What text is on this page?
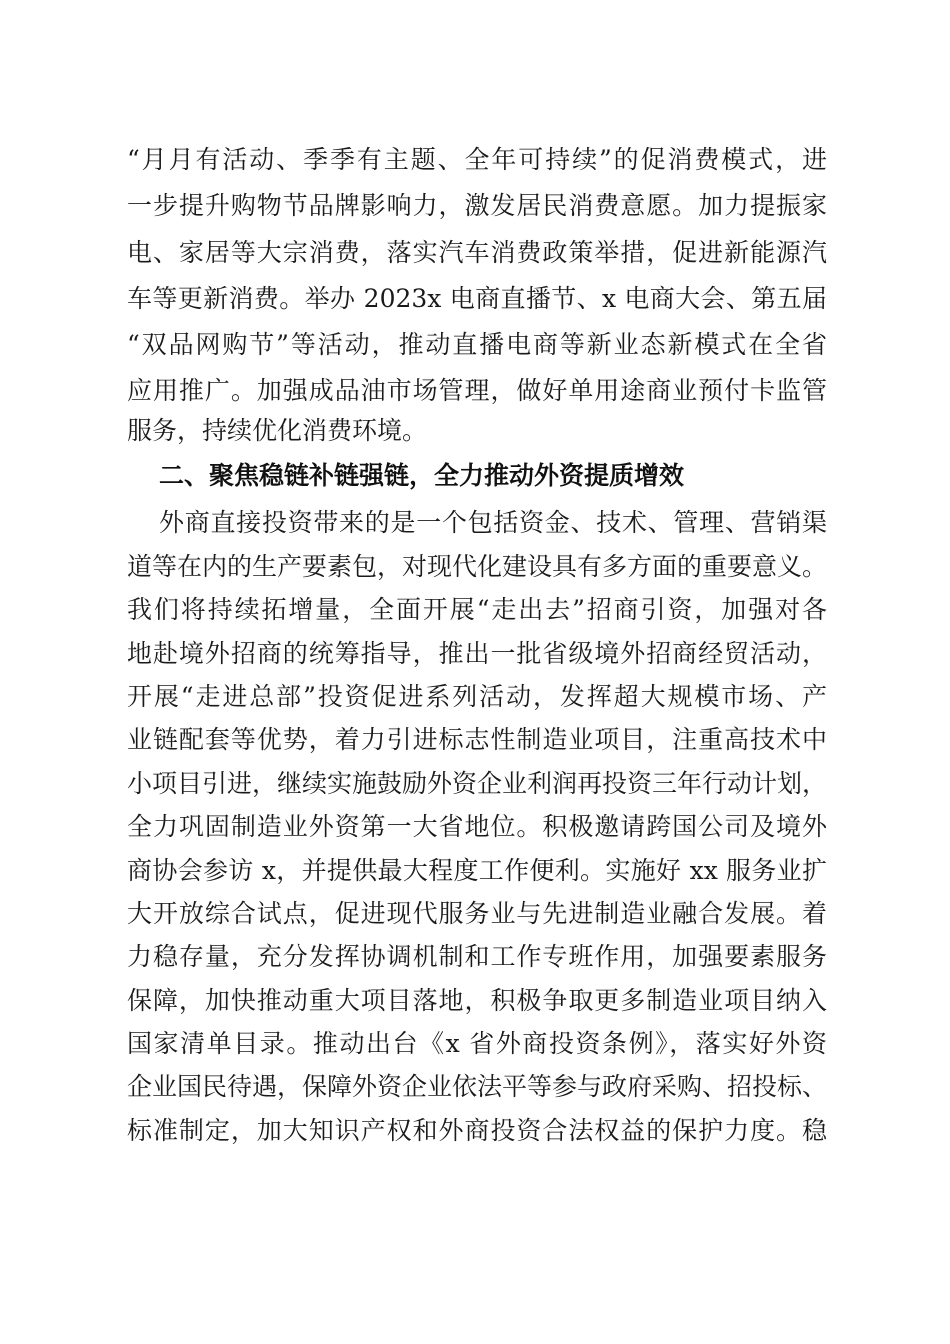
“月月有活动、季季有主题、全年可持续”的促消费模式，进
一步提升购物节品牌影响力，激发居民消费意愿。加力提振家
电、家居等大宗消费，落实汽车消费政策举措，促进新能源汽
车等更新消费。举办 2023x 电商直播节、x 电商大会、第五届
“双品网购节”等活动，推动直播电商等新业态新模式在全省
应用推广。加强成品油市场管理，做好单用途商业预付卡监管
服务，持续优化消费环境。
二、聚焦稳链补链强链，全力推动外资提质增效
外商直接投资带来的是一个包括资金、技术、管理、营销渠
道等在内的生产要素包，对现代化建设具有多方面的重要意义。
我们将持续拓增量，全面开展“走出去”招商引资，加强对各
地赴境外招商的统筹指导，推出一批省级境外招商经贸活动，
开展“走进总部”投资促进系列活动，发挥超大规模市场、产
业链配套等优势，着力引进标志性制造业项目，注重高技术中
小项目引进，继续实施鼓励外资企业利润再投资三年行动计划，
全力巩固制造业外资第一大省地位。积极邀请跨国公司及境外
商协会参访 x，并提供最大程度工作便利。实施好 xx 服务业扩
大开放综合试点，促进现代服务业与先进制造业融合发展。着
力稳存量，充分发挥协调机制和工作专班作用，加强要素服务
保障，加快推动重大项目落地，积极争取更多制造业项目纳入
国家清单目录。推动出台《x 省外商投资条例》，落实好外资
企业国民待遇，保障外资企业依法平等参与政府采购、招投标、
标准制定，加大知识产权和外商投资合法权益的保护力度。稳
